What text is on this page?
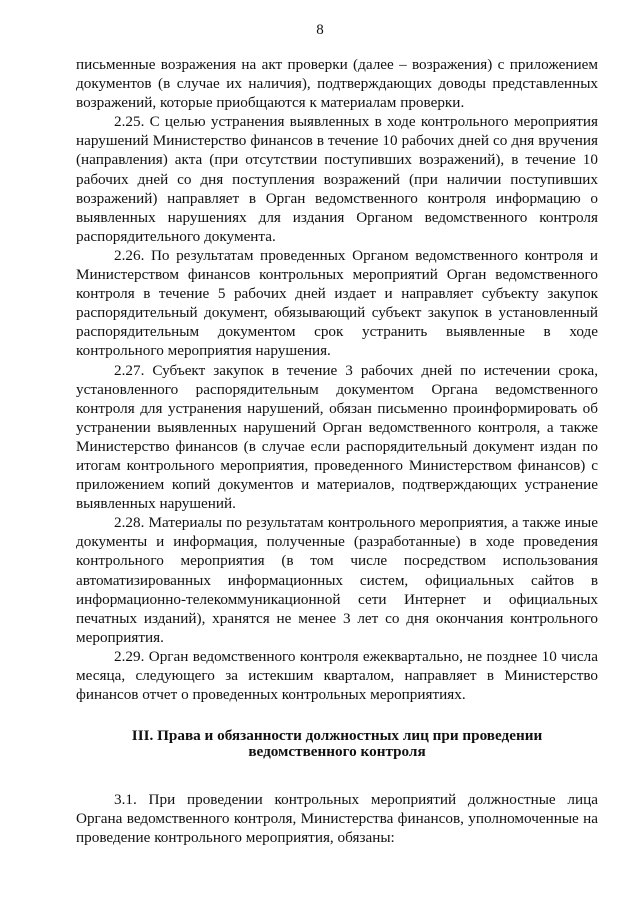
8

письменные возражения на акт проверки (далее – возражения) с приложением документов (в случае их наличия), подтверждающих доводы представленных возражений, которые приобщаются к материалам проверки.

2.25. С целью устранения выявленных в ходе контрольного мероприятия нарушений Министерство финансов в течение 10 рабочих дней со дня вручения (направления) акта (при отсутствии поступивших возражений), в течение 10 рабочих дней со дня поступления возражений (при наличии поступивших возражений) направляет в Орган ведомственного контроля информацию о выявленных нарушениях для издания Органом ведомственного контроля распорядительного документа.

2.26. По результатам проведенных Органом ведомственного контроля и Министерством финансов контрольных мероприятий Орган ведомственного контроля в течение 5 рабочих дней издает и направляет субъекту закупок распорядительный документ, обязывающий субъект закупок в установленный распорядительным документом срок устранить выявленные в ходе контрольного мероприятия нарушения.

2.27. Субъект закупок в течение 3 рабочих дней по истечении срока, установленного распорядительным документом Органа ведомственного контроля для устранения нарушений, обязан письменно проинформировать об устранении выявленных нарушений Орган ведомственного контроля, а также Министерство финансов (в случае если распорядительный документ издан по итогам контрольного мероприятия, проведенного Министерством финансов) с приложением копий документов и материалов, подтверждающих устранение выявленных нарушений.

2.28. Материалы по результатам контрольного мероприятия, а также иные документы и информация, полученные (разработанные) в ходе проведения контрольного мероприятия (в том числе посредством использования автоматизированных информационных систем, официальных сайтов в информационно-телекоммуникационной сети Интернет и официальных печатных изданий), хранятся не менее 3 лет со дня окончания контрольного мероприятия.

2.29. Орган ведомственного контроля ежеквартально, не позднее 10 числа месяца, следующего за истекшим кварталом, направляет в Министерство финансов отчет о проведенных контрольных мероприятиях.

III. Права и обязанности должностных лиц при проведении
ведомственного контроля

3.1. При проведении контрольных мероприятий должностные лица Органа ведомственного контроля, Министерства финансов, уполномоченные на проведение контрольного мероприятия, обязаны:
